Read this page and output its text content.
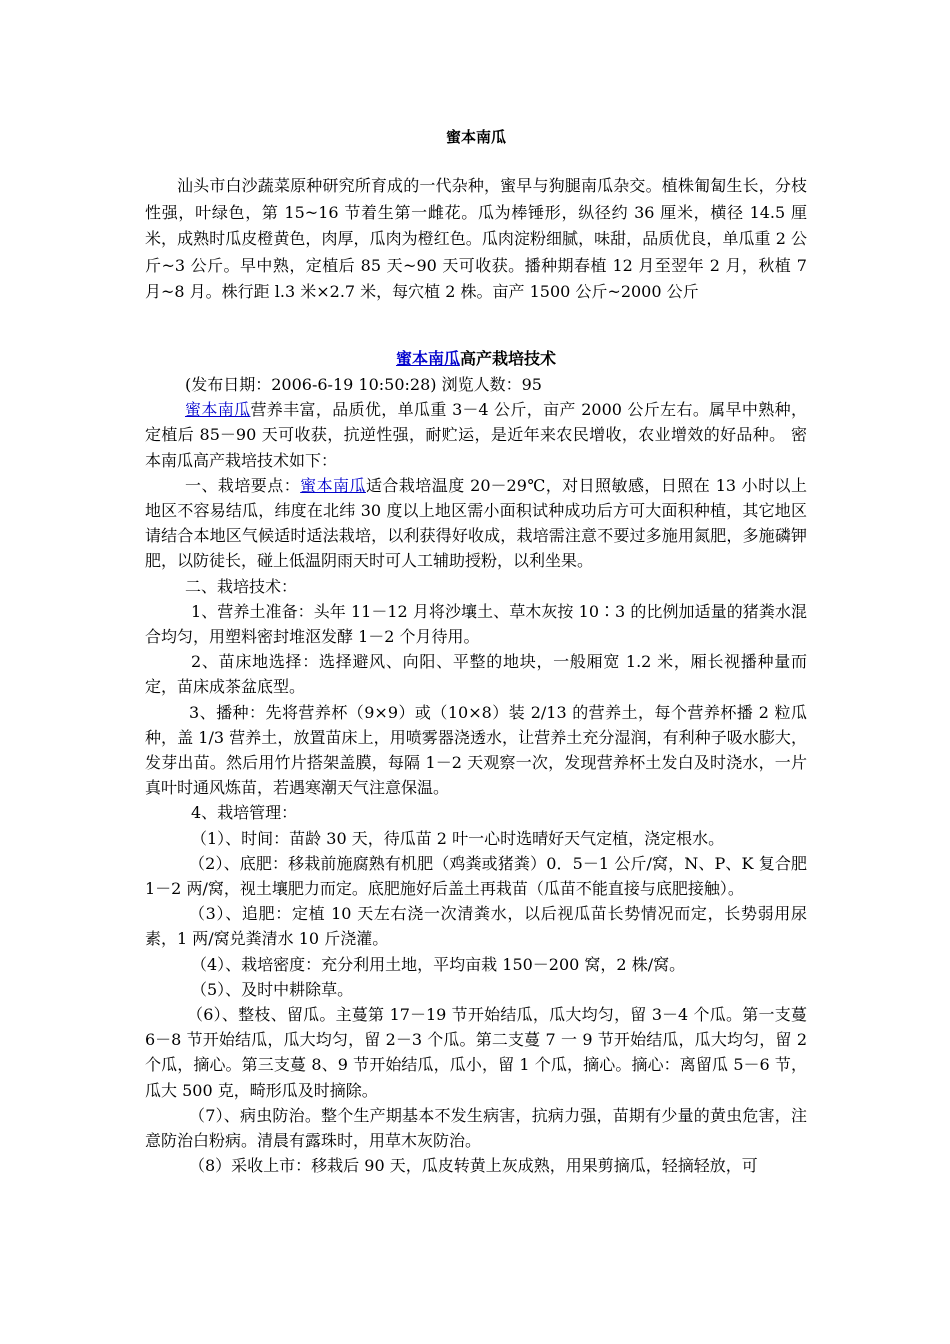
蜜本南瓜

汕头市白沙蔬菜原种研究所育成的一代杂种，蜜早与狗腿南瓜杂交。植株匍匐生长，分枝性强，叶绿色，第 15~16 节着生第一雌花。瓜为棒锤形，纵径约 36 厘米，横径 14.5 厘米，成熟时瓜皮橙黄色，肉厚，瓜肉为橙红色。瓜肉淀粉细腻，味甜，品质优良，单瓜重 2 公斤~3 公斤。早中熟，定植后 85 天~90 天可收获。播种期春植 12 月至翌年 2 月，秋植 7 月~8 月。株行距 l.3 米×2.7 米，每穴植 2 株。亩产 1500 公斤~2000 公斤

蜜本南瓜高产栽培技术

(发布日期：2006-6-19 10:50:28) 浏览人数：95

蜜本南瓜营养丰富，品质优，单瓜重 3－4 公斤，亩产 2000 公斤左右。属早中熟种，定植后 85－90 天可收获，抗逆性强，耐贮运，是近年来农民增收，农业增效的好品种。 密本南瓜高产栽培技术如下：

一、栽培要点：蜜本南瓜适合栽培温度 20－29℃，对日照敏感，日照在 13 小时以上地区不容易结瓜，纬度在北纬 30 度以上地区需小面积试种成功后方可大面积种植，其它地区请结合本地区气候适时适法栽培，以利获得好收成，栽培需注意不要过多施用氮肥，多施磷钾肥，以防徒长，碰上低温阴雨天时可人工辅助授粉，以利坐果。

二、栽培技术：

1、营养土准备：头年 11－12 月将沙壤土、草木灰按 10∶3 的比例加适量的猪粪水混合均匀，用塑料密封堆沤发酵 1－2 个月待用。

2、苗床地选择：选择避风、向阳、平整的地块，一般厢宽 1.2 米，厢长视播种量而定，苗床成茶盆底型。

3、播种：先将营养杯（9×9）或（10×8）装 2/13 的营养土，每个营养杯播 2 粒瓜种，盖 1/3 营养土，放置苗床上，用喷雾器浇透水，让营养土充分湿润，有利种子吸水膨大，发芽出苗。然后用竹片搭架盖膜，每隔 1－2 天观察一次，发现营养杯土发白及时浇水，一片真叶时通风炼苗，若遇寒潮天气注意保温。

4、栽培管理：

（1）、时间：苗龄 30 天，待瓜苗 2 叶一心时选晴好天气定植，浇定根水。

（2）、底肥：移栽前施腐熟有机肥（鸡粪或猪粪）0．5－1 公斤/窝，N、P、K 复合肥 1－2 两/窝，视土壤肥力而定。底肥施好后盖土再栽苗（瓜苗不能直接与底肥接触）。

（3）、追肥：定植 10 天左右浇一次清粪水，以后视瓜苗长势情况而定，长势弱用尿素，1 两/窝兑粪清水 10 斤浇灌。

（4）、栽培密度：充分利用土地，平均亩栽 150－200 窝，2 株/窝。

（5）、及时中耕除草。

（6）、整枝、留瓜。主蔓第 17－19 节开始结瓜，瓜大均匀，留 3－4 个瓜。第一支蔓 6－8 节开始结瓜，瓜大均匀，留 2－3 个瓜。第二支蔓 7 一 9 节开始结瓜，瓜大均匀，留 2 个瓜，摘心。第三支蔓 8、9 节开始结瓜，瓜小，留 1 个瓜，摘心。摘心：离留瓜 5－6 节，瓜大 500 克，畸形瓜及时摘除。

（7）、病虫防治。整个生产期基本不发生病害，抗病力强，苗期有少量的黄虫危害，注意防治白粉病。清晨有露珠时，用草木灰防治。

（8）采收上市：移栽后 90 天，瓜皮转黄上灰成熟，用果剪摘瓜，轻摘轻放，可
